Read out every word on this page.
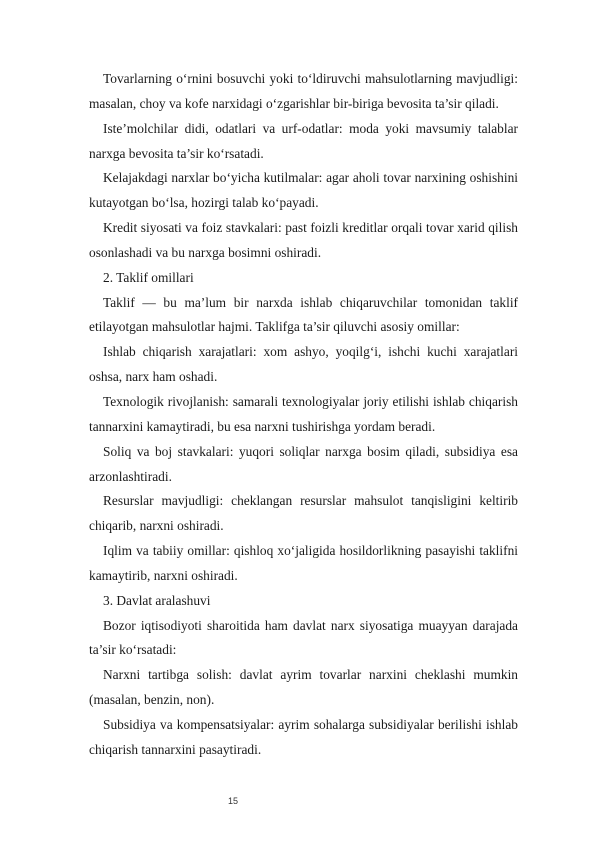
Tovarlarning o‘rnini bosuvchi yoki to‘ldiruvchi mahsulotlarning mavjudligi: masalan, choy va kofe narxidagi o‘zgarishlar bir-biriga bevosita ta’sir qiladi.

Iste’molchilar didi, odatlari va urf-odatlar: moda yoki mavsumiy talablar narxga bevosita ta’sir ko‘rsatadi.

Kelajakdagi narxlar bo‘yicha kutilmalar: agar aholi tovar narxining oshishini kutayotgan bo‘lsa, hozirgi talab ko‘payadi.

Kredit siyosati va foiz stavkalari: past foizli kreditlar orqali tovar xarid qilish osonlashadi va bu narxga bosimni oshiradi.

2. Taklif omillari

Taklif — bu ma’lum bir narxda ishlab chiqaruvchilar tomonidan taklif etilayotgan mahsulotlar hajmi. Taklifga ta’sir qiluvchi asosiy omillar:

Ishlab chiqarish xarajatlari: xom ashyo, yoqilg‘i, ishchi kuchi xarajatlari oshsa, narx ham oshadi.

Texnologik rivojlanish: samarali texnologiyalar joriy etilishi ishlab chiqarish tannarxini kamaytiradi, bu esa narxni tushirishga yordam beradi.

Soliq va boj stavkalari: yuqori soliqlar narxga bosim qiladi, subsidiya esa arzonlashtiradi.

Resurslar mavjudligi: cheklangan resurslar mahsulot tanqisligini keltirib chiqarib, narxni oshiradi.

Iqlim va tabiiy omillar: qishloq xo‘jaligida hosildorlikning pasayishi taklifni kamaytirib, narxni oshiradi.

3. Davlat aralashuvi

Bozor iqtisodiyoti sharoitida ham davlat narx siyosatiga muayyan darajada ta’sir ko‘rsatadi:

Narxni tartibga solish: davlat ayrim tovarlar narxini cheklashi mumkin (masalan, benzin, non).

Subsidiya va kompensatsiyalar: ayrim sohalarga subsidiyalar berilishi ishlab chiqarish tannarxini pasaytiradi.

15
